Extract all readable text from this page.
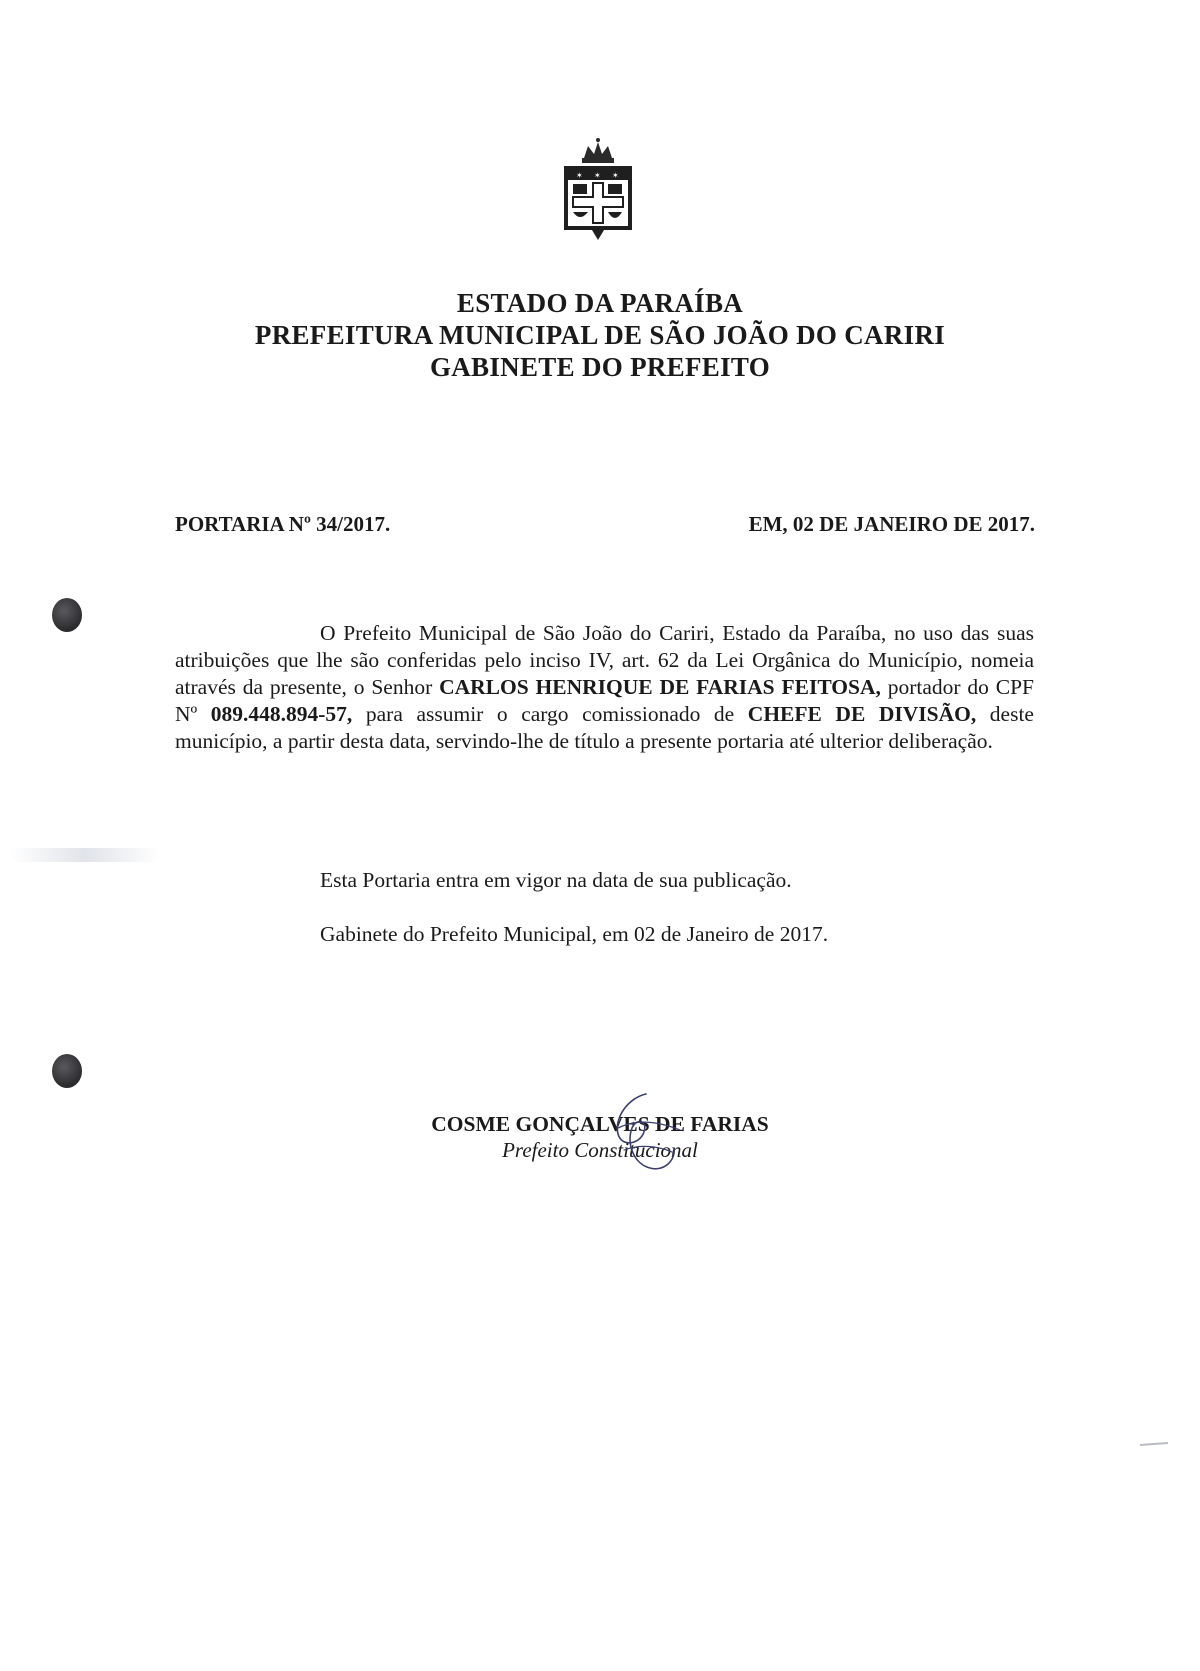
✶ ✶ ✶
ESTADO DA PARAÍBA
PREFEITURA MUNICIPAL DE SÃO JOÃO DO CARIRI
GABINETE DO PREFEITO
PORTARIA Nº 34/2017.	EM, 02 DE JANEIRO DE 2017.
O Prefeito Municipal de São João do Cariri, Estado da Paraíba, no uso das suas atribuições que lhe são conferidas pelo inciso IV, art. 62 da Lei Orgânica do Município, nomeia através da presente, o Senhor CARLOS HENRIQUE DE FARIAS FEITOSA, portador do CPF Nº 089.448.894-57, para assumir o cargo comissionado de CHEFE DE DIVISÃO, deste município, a partir desta data, servindo-lhe de título a presente portaria até ulterior deliberação.
Esta Portaria entra em vigor na data de sua publicação.
Gabinete do Prefeito Municipal, em 02 de Janeiro de 2017.
COSME GONÇALVES DE FARIAS
Prefeito Constitucional
